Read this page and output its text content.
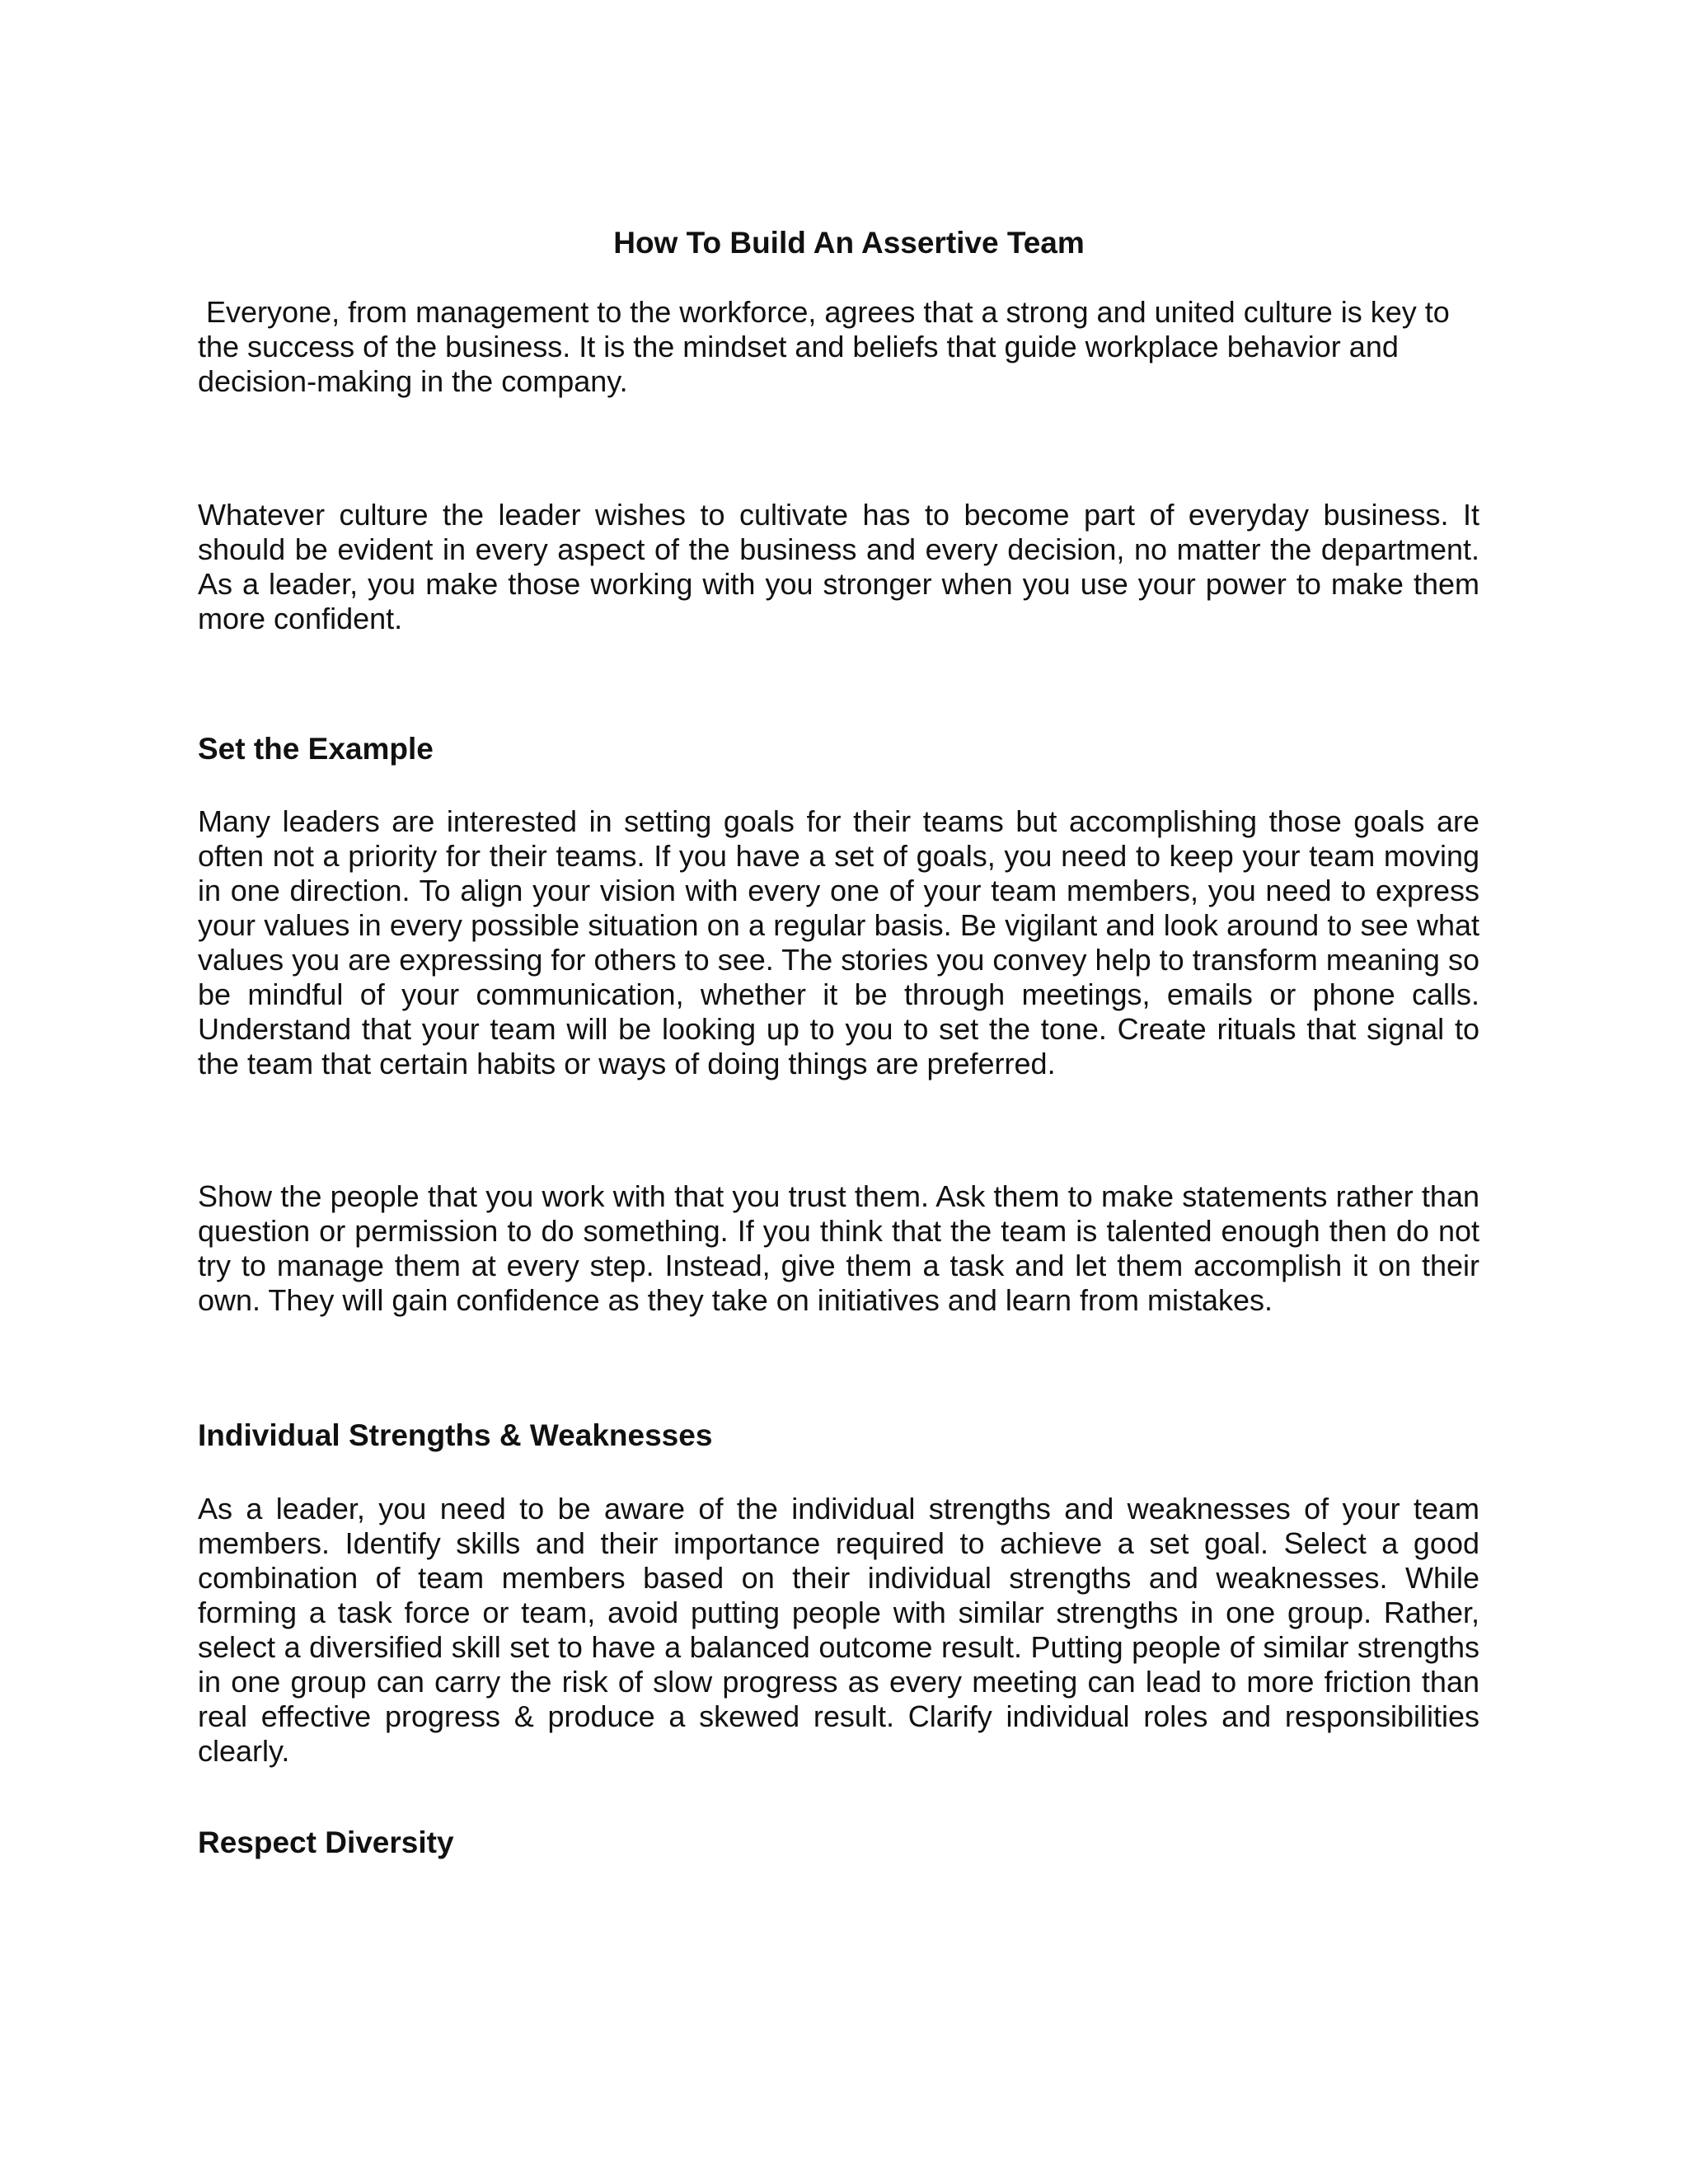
How To Build An Assertive Team

Everyone, from management to the workforce, agrees that a strong and united culture is key to the success of the business. It is the mindset and beliefs that guide workplace behavior and decision-making in the company.

Whatever culture the leader wishes to cultivate has to become part of everyday business. It should be evident in every aspect of the business and every decision, no matter the department. As a leader, you make those working with you stronger when you use your power to make them more confident.

Set the Example

Many leaders are interested in setting goals for their teams but accomplishing those goals are often not a priority for their teams. If you have a set of goals, you need to keep your team moving in one direction. To align your vision with every one of your team members, you need to express your values in every possible situation on a regular basis. Be vigilant and look around to see what values you are expressing for others to see. The stories you convey help to transform meaning so be mindful of your communication, whether it be through meetings, emails or phone calls. Understand that your team will be looking up to you to set the tone. Create rituals that signal to the team that certain habits or ways of doing things are preferred.

Show the people that you work with that you trust them. Ask them to make statements rather than question or permission to do something. If you think that the team is talented enough then do not try to manage them at every step. Instead, give them a task and let them accomplish it on their own. They will gain confidence as they take on initiatives and learn from mistakes.

Individual Strengths & Weaknesses

As a leader, you need to be aware of the individual strengths and weaknesses of your team members. Identify skills and their importance required to achieve a set goal. Select a good combination of team members based on their individual strengths and weaknesses. While forming a task force or team, avoid putting people with similar strengths in one group. Rather, select a diversified skill set to have a balanced outcome result. Putting people of similar strengths in one group can carry the risk of slow progress as every meeting can lead to more friction than real effective progress & produce a skewed result. Clarify individual roles and responsibilities clearly.

Respect Diversity
